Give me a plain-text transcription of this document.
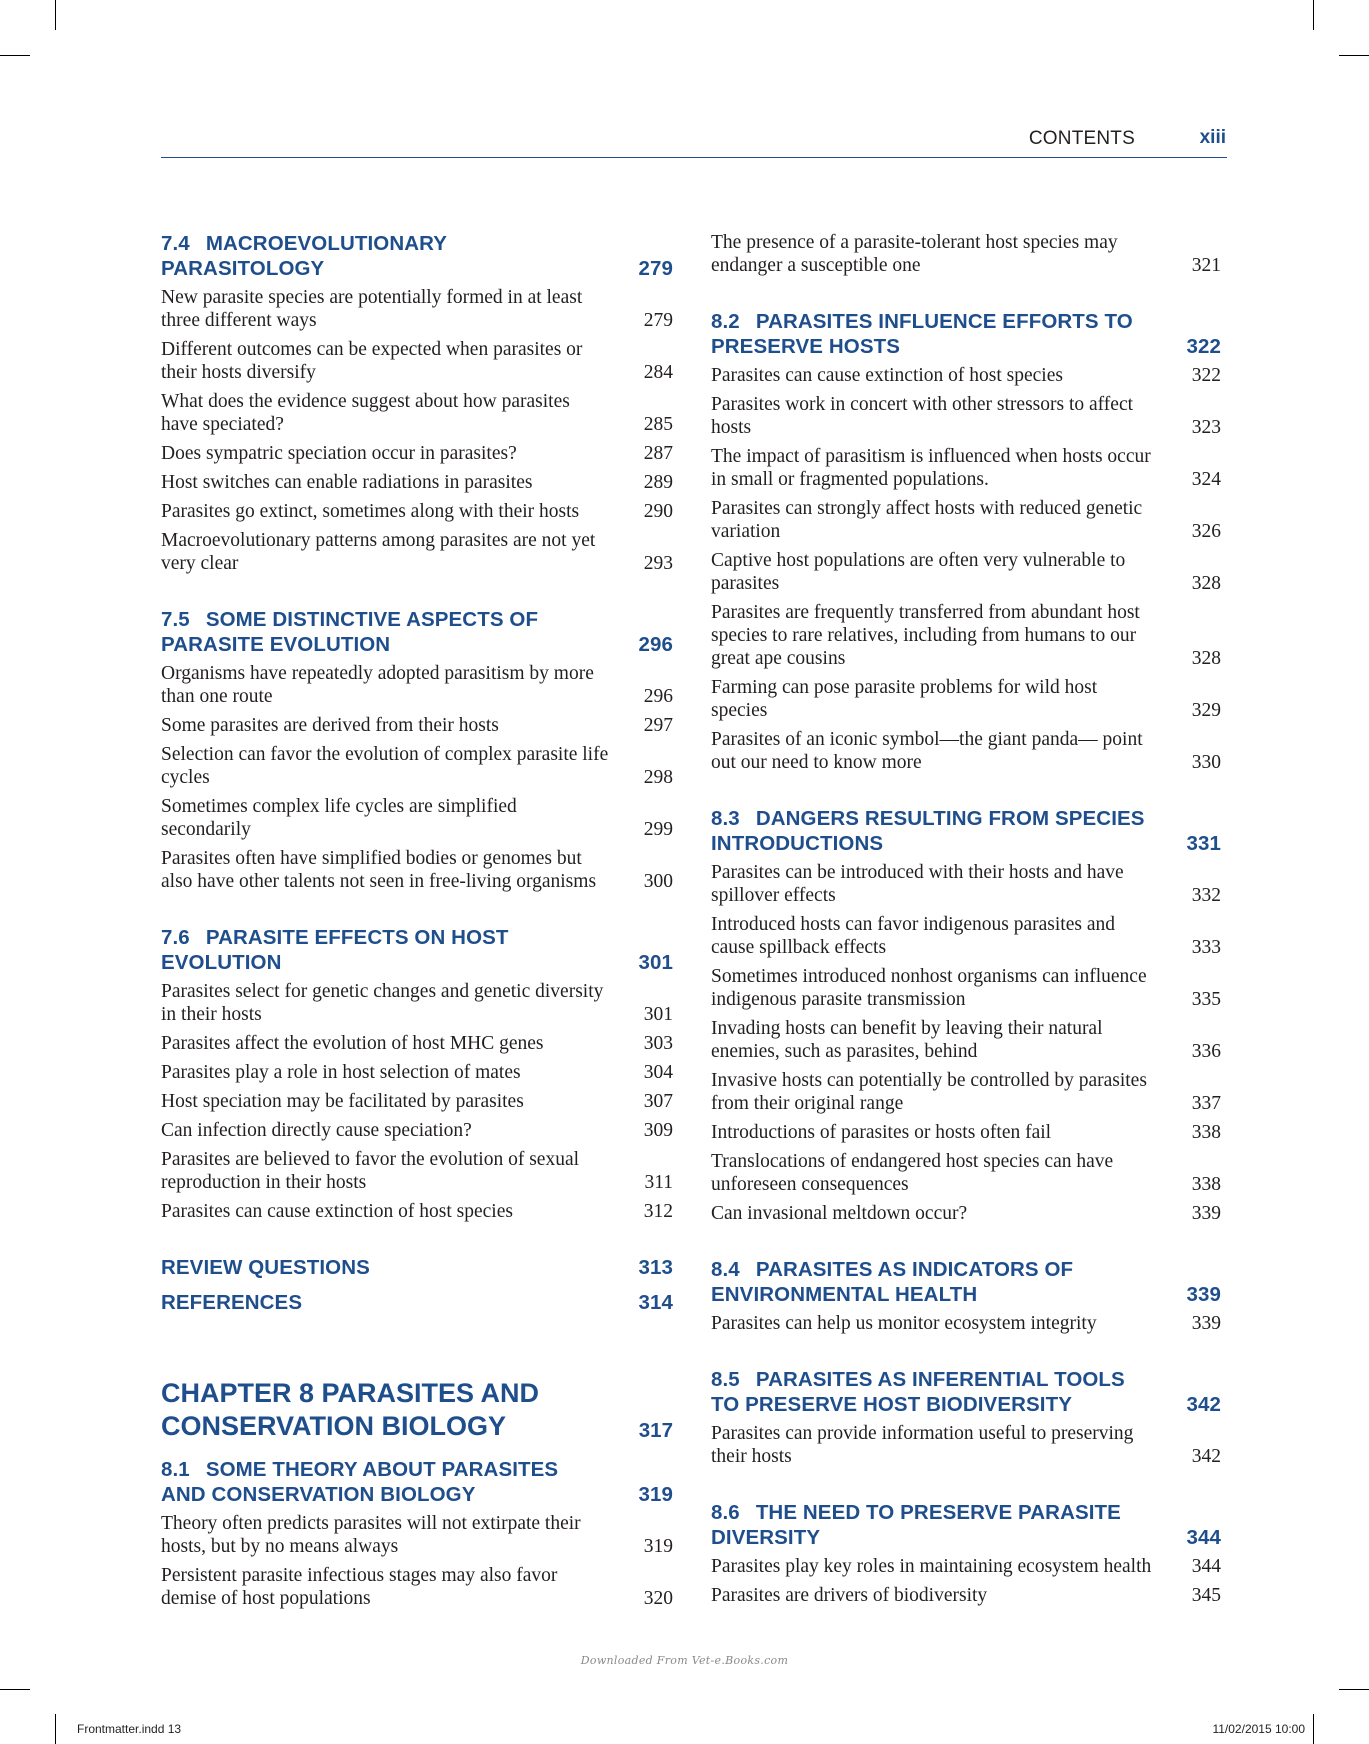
CONTENTS	xiii
7.4 MACROEVOLUTIONARY PARASITOLOGY	279
New parasite species are potentially formed in at least three different ways	279
Different outcomes can be expected when parasites or their hosts diversify	284
What does the evidence suggest about how parasites have speciated?	285
Does sympatric speciation occur in parasites?	287
Host switches can enable radiations in parasites	289
Parasites go extinct, sometimes along with their hosts	290
Macroevolutionary patterns among parasites are not yet very clear	293
7.5 SOME DISTINCTIVE ASPECTS OF PARASITE EVOLUTION	296
Organisms have repeatedly adopted parasitism by more than one route	296
Some parasites are derived from their hosts	297
Selection can favor the evolution of complex parasite life cycles	298
Sometimes complex life cycles are simplified secondarily	299
Parasites often have simplified bodies or genomes but also have other talents not seen in free-living organisms	300
7.6 PARASITE EFFECTS ON HOST EVOLUTION	301
Parasites select for genetic changes and genetic diversity in their hosts	301
Parasites affect the evolution of host MHC genes	303
Parasites play a role in host selection of mates	304
Host speciation may be facilitated by parasites	307
Can infection directly cause speciation?	309
Parasites are believed to favor the evolution of sexual reproduction in their hosts	311
Parasites can cause extinction of host species	312
REVIEW QUESTIONS	313
REFERENCES	314
CHAPTER 8 PARASITES AND CONSERVATION BIOLOGY	317
8.1 SOME THEORY ABOUT PARASITES AND CONSERVATION BIOLOGY	319
Theory often predicts parasites will not extirpate their hosts, but by no means always	319
Persistent parasite infectious stages may also favor demise of host populations	320
The presence of a parasite-tolerant host species may endanger a susceptible one	321
8.2 PARASITES INFLUENCE EFFORTS TO PRESERVE HOSTS	322
Parasites can cause extinction of host species	322
Parasites work in concert with other stressors to affect hosts	323
The impact of parasitism is influenced when hosts occur in small or fragmented populations.	324
Parasites can strongly affect hosts with reduced genetic variation	326
Captive host populations are often very vulnerable to parasites	328
Parasites are frequently transferred from abundant host species to rare relatives, including from humans to our great ape cousins	328
Farming can pose parasite problems for wild host species	329
Parasites of an iconic symbol—the giant panda— point out our need to know more	330
8.3 DANGERS RESULTING FROM SPECIES INTRODUCTIONS	331
Parasites can be introduced with their hosts and have spillover effects	332
Introduced hosts can favor indigenous parasites and cause spillback effects	333
Sometimes introduced nonhost organisms can influence indigenous parasite transmission	335
Invading hosts can benefit by leaving their natural enemies, such as parasites, behind	336
Invasive hosts can potentially be controlled by parasites from their original range	337
Introductions of parasites or hosts often fail	338
Translocations of endangered host species can have unforeseen consequences	338
Can invasional meltdown occur?	339
8.4 PARASITES AS INDICATORS OF ENVIRONMENTAL HEALTH	339
Parasites can help us monitor ecosystem integrity	339
8.5 PARASITES AS INFERENTIAL TOOLS TO PRESERVE HOST BIODIVERSITY	342
Parasites can provide information useful to preserving their hosts	342
8.6 THE NEED TO PRESERVE PARASITE DIVERSITY	344
Parasites play key roles in maintaining ecosystem health	344
Parasites are drivers of biodiversity	345
Downloaded From Vet-e.Books.com
Frontmatter.indd 13	11/02/2015 10:00
